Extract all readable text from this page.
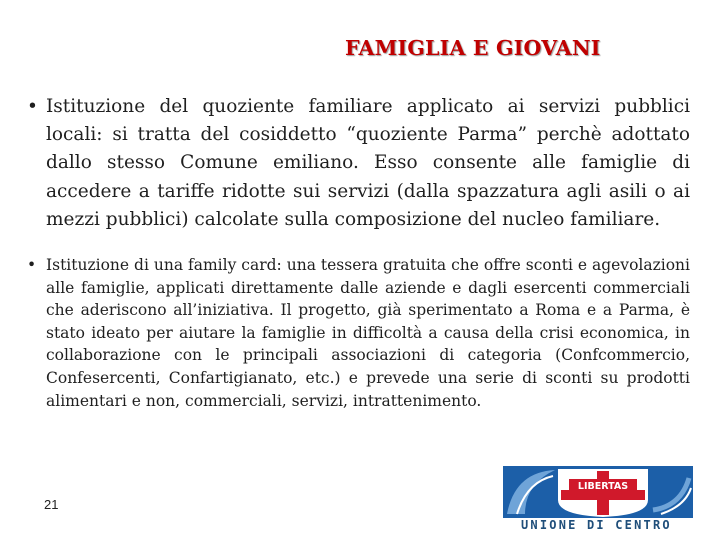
FAMIGLIA E GIOVANI

• Istituzione del quoziente familiare applicato ai servizi pubblici locali: si tratta del cosiddetto “quoziente Parma” perchè adottato dallo stesso Comune emiliano. Esso consente alle famiglie di accedere a tariffe ridotte sui servizi (dalla spazzatura agli asili o ai mezzi pubblici) calcolate sulla composizione del nucleo familiare.

• Istituzione di una family card: una tessera gratuita che offre sconti e agevolazioni alle famiglie, applicati direttamente dalle aziende e dagli esercenti commerciali che aderiscono all’iniziativa. Il progetto, già sperimentato a Roma e a Parma, è stato ideato per aiutare la famiglie in difficoltà a causa della crisi economica, in collaborazione con le principali associazioni di categoria (Confcommercio, Confesercenti, Confartigianato, etc.) e prevede una serie di sconti su prodotti alimentari e non, commerciali, servizi, intrattenimento.

21
LIBERTAS
UNIONE DI CENTRO
